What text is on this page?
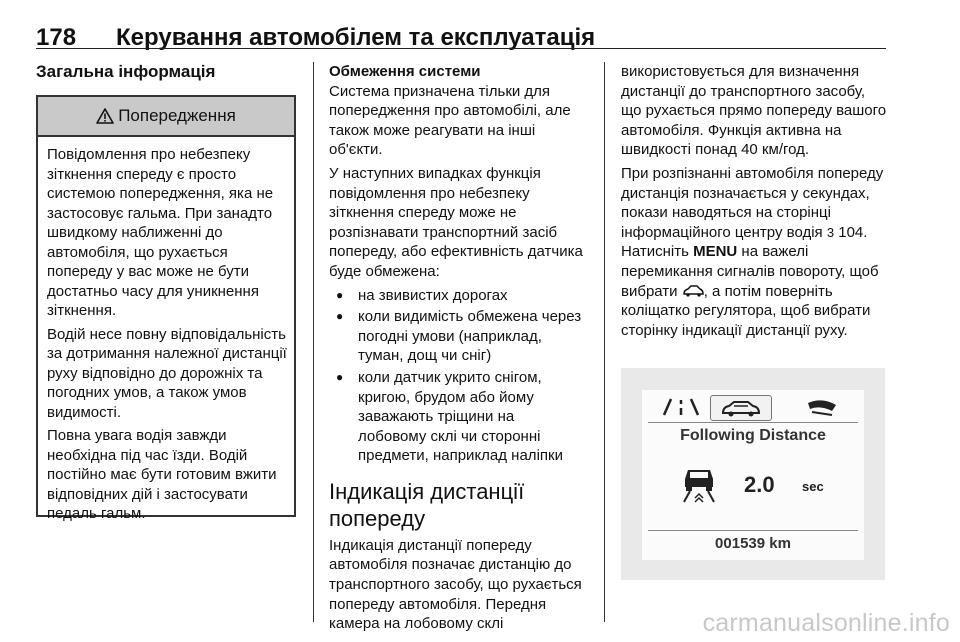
178 Керування автомобілем та експлуатація
Загальна інформація
Попередження

Повідомлення про небезпеку зіткнення спереду є просто системою попередження, яка не застосовує гальма. При занадто швидкому наближенні до автомобіля, що рухається попереду у вас може не бути достатньо часу для уникнення зіткнення.

Водій несе повну відповідальність за дотримання належної дистанції руху відповідно до дорожніх та погодних умов, а також умов видимості.

Повна увага водія завжди необхідна під час їзди. Водій постійно має бути готовим вжити відповідних дій і застосувати педаль гальм.

Обмеження системи

Система призначена тільки для попередження про автомобілі, але також може реагувати на інші об'єкти.

У наступних випадках функція повідомлення про небезпеку зіткнення спереду може не розпізнавати транспортний засіб попереду, або ефективність датчика буде обмежена:

● на звивистих дорогах
● коли видимість обмежена через погодні умови (наприклад, туман, дощ чи сніг)
● коли датчик укрито снігом, кригою, брудом або йому заважають тріщини на лобовому склі чи сторонні предмети, наприклад наліпки
Індикація дистанції попереду

Індикація дистанції попереду автомобіля позначає дистанцію до транспортного засобу, що рухається попереду автомобіля. Передня камера на лобовому склі

використовується для визначення дистанції до транспортного засобу, що рухається прямо попереду вашого автомобіля. Функція активна на швидкості понад 40 км/год.

При розпізнанні автомобіля попереду дистанція позначається у секундах, покази наводяться на сторінці інформаційного центру водія 3 104. Натисніть MENU на важелі перемикання сигналів повороту, щоб вибрати , а потім поверніть коліщатко регулятора, щоб вибрати сторінку індикації дистанції руху.

Following Distance
2.0 sec
001539 km
carmanualsonline.info
